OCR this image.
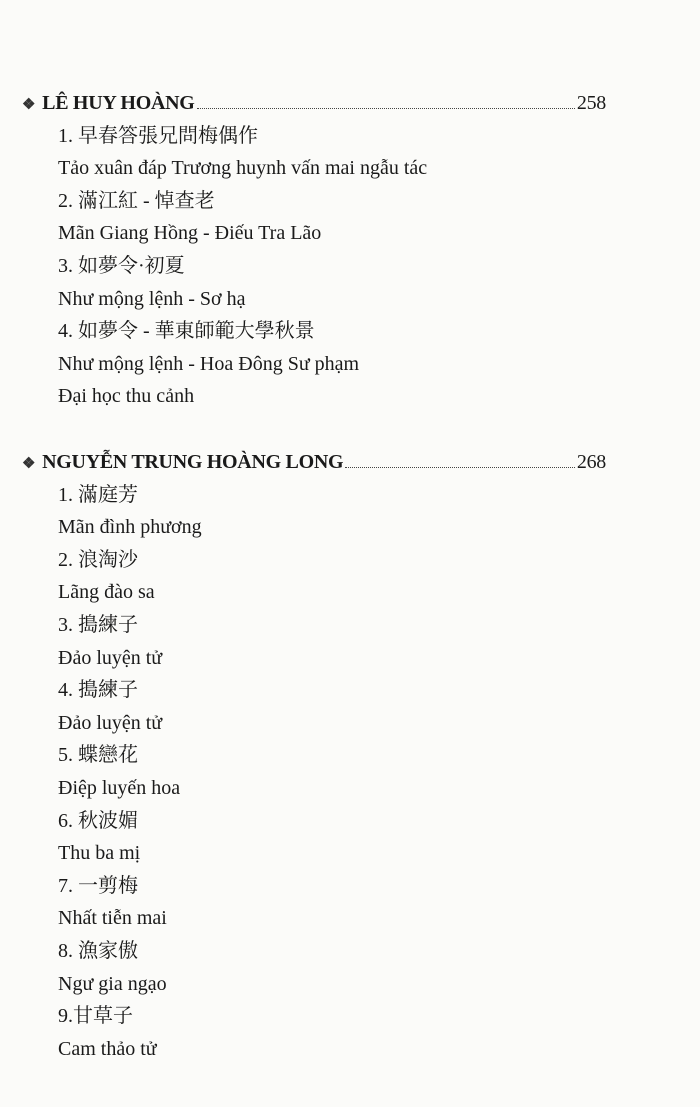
❖ LÊ HUY HOÀNG	258
1. 早春答張兄問梅偶作
Tảo xuân đáp Trương huynh vấn mai ngẫu tác
2. 滿江紅 - 悼查老
Mãn Giang Hồng - Điếu Tra Lão
3. 如夢令·初夏
Như mộng lệnh - Sơ hạ
4. 如夢令 - 華東師範大學秋景
Như mộng lệnh - Hoa Đông Sư phạm
Đại học thu cảnh
❖ NGUYỄN TRUNG HOÀNG LONG	268
1. 滿庭芳
Mãn đình phương
2. 浪淘沙
Lãng đào sa
3. 搗練子
Đảo luyện tử
4. 搗練子
Đảo luyện tử
5. 蝶戀花
Điệp luyến hoa
6. 秋波媚
Thu ba mị
7. 一剪梅
Nhất tiễn mai
8. 漁家傲
Ngư gia ngạo
9.甘草子
Cam thảo tử
